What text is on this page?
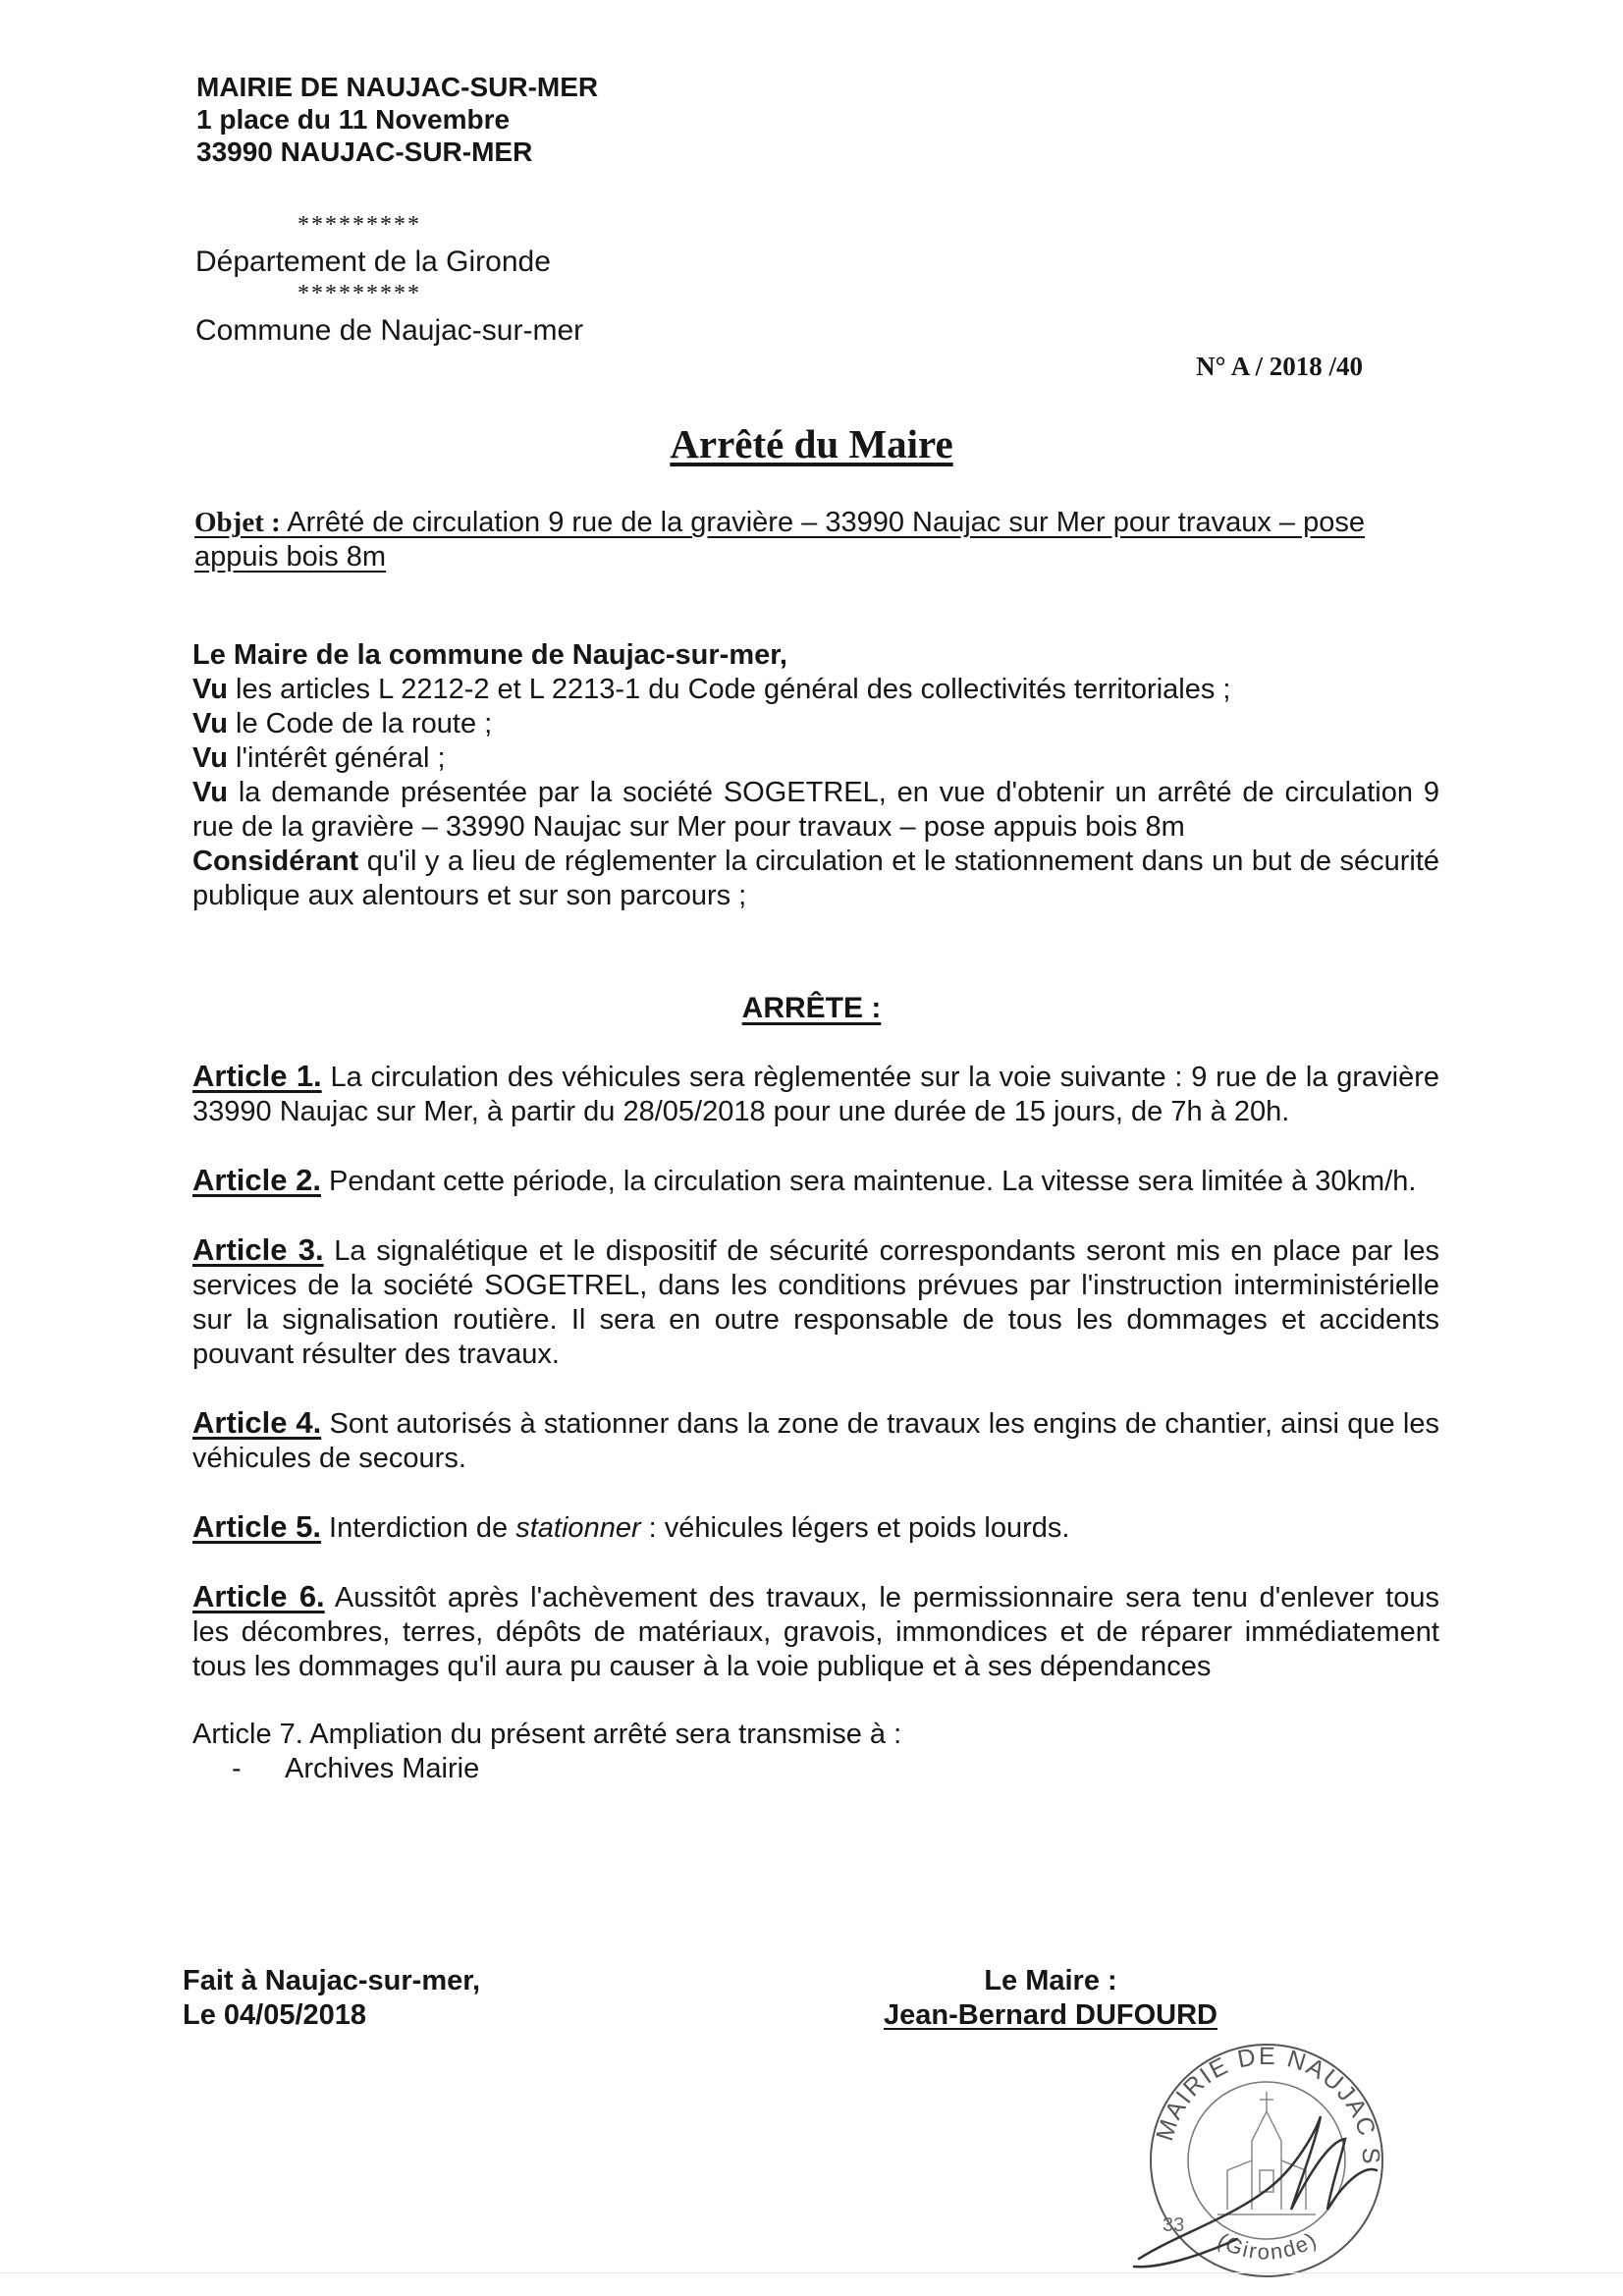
MAIRIE DE NAUJAC-SUR-MER
1 place du 11 Novembre
33990 NAUJAC-SUR-MER
*********
Département de la Gironde
*********
Commune de Naujac-sur-mer
N° A / 2018 /40
Arrêté du Maire
Objet : Arrêté de circulation 9 rue de la gravière – 33990 Naujac sur Mer pour travaux – pose appuis bois 8m

Le Maire de la commune de Naujac-sur-mer,

Vu les articles L 2212-2 et L 2213-1 du Code général des collectivités territoriales ;

Vu le Code de la route ;

Vu l'intérêt général ;

Vu la demande présentée par la société SOGETREL, en vue d'obtenir un arrêté de circulation 9 rue de la gravière – 33990 Naujac sur Mer pour travaux – pose appuis bois 8m

Considérant qu'il y a lieu de réglementer la circulation et le stationnement dans un but de sécurité publique aux alentours et sur son parcours ;

ARRÊTE :

Article 1. La circulation des véhicules sera règlementée sur la voie suivante : 9 rue de la gravière 33990 Naujac sur Mer, à partir du 28/05/2018 pour une durée de 15 jours, de 7h à 20h.

Article 2. Pendant cette période, la circulation sera maintenue. La vitesse sera limitée à 30km/h.

Article 3. La signalétique et le dispositif de sécurité correspondants seront mis en place par les services de la société SOGETREL, dans les conditions prévues par l'instruction interministérielle sur la signalisation routière. Il sera en outre responsable de tous les dommages et accidents pouvant résulter des travaux.

Article 4. Sont autorisés à stationner dans la zone de travaux les engins de chantier, ainsi que les véhicules de secours.

Article 5. Interdiction de stationner : véhicules légers et poids lourds.

Article 6. Aussitôt après l'achèvement des travaux, le permissionnaire sera tenu d'enlever tous les décombres, terres, dépôts de matériaux, gravois, immondices et de réparer immédiatement tous les dommages qu'il aura pu causer à la voie publique et à ses dépendances

Article 7. Ampliation du présent arrêté sera transmise à :

- Archives Mairie

Fait à Naujac-sur-mer,
Le 04/05/2018
Le Maire :
Jean-Bernard DUFOURD
MAIRIE DE NAUJAC S
(Gironde)
33
